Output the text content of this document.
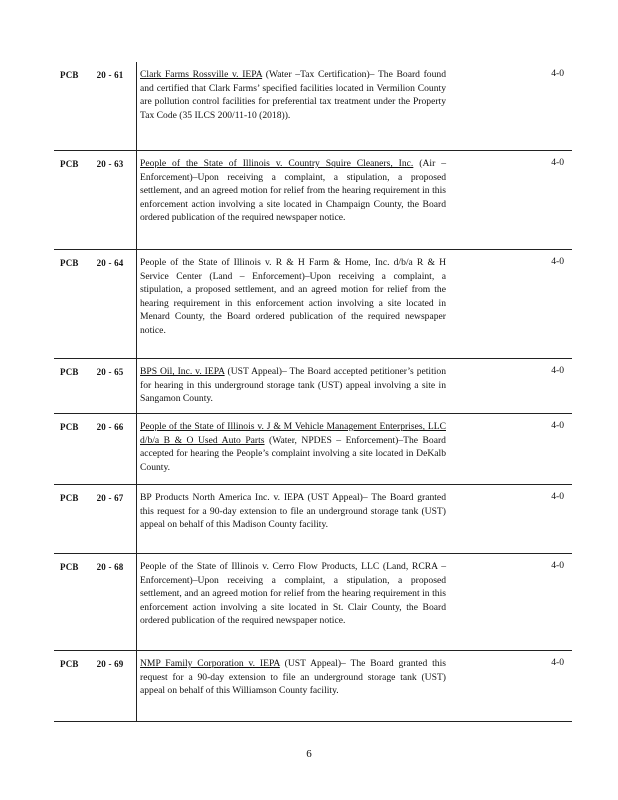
PCB 20 - 61 Clark Farms Rossville v. IEPA (Water –Tax Certification)– The Board found and certified that Clark Farms’ specified facilities located in Vermilion County are pollution control facilities for preferential tax treatment under the Property Tax Code (35 ILCS 200/11-10 (2018)).
4-0
PCB 20 - 63 People of the State of Illinois v. Country Squire Cleaners, Inc. (Air –Enforcement)–Upon receiving a complaint, a stipulation, a proposed settlement, and an agreed motion for relief from the hearing requirement in this enforcement action involving a site located in Champaign County, the Board ordered publication of the required newspaper notice.
4-0
PCB 20 - 64 People of the State of Illinois v. R & H Farm & Home, Inc. d/b/a R & H Service Center (Land – Enforcement)–Upon receiving a complaint, a stipulation, a proposed settlement, and an agreed motion for relief from the hearing requirement in this enforcement action involving a site located in Menard County, the Board ordered publication of the required newspaper notice.
4-0
PCB 20 - 65 BPS Oil, Inc. v. IEPA (UST Appeal)– The Board accepted petitioner’s petition for hearing in this underground storage tank (UST) appeal involving a site in Sangamon County.
4-0
PCB 20 - 66 People of the State of Illinois v. J & M Vehicle Management Enterprises, LLC d/b/a B & O Used Auto Parts (Water, NPDES – Enforcement)–The Board accepted for hearing the People’s complaint involving a site located in DeKalb County.
4-0
PCB 20 - 67 BP Products North America Inc. v. IEPA (UST Appeal)– The Board granted this request for a 90-day extension to file an underground storage tank (UST) appeal on behalf of this Madison County facility.
4-0
PCB 20 - 68 People of the State of Illinois v. Cerro Flow Products, LLC (Land, RCRA –Enforcement)–Upon receiving a complaint, a stipulation, a proposed settlement, and an agreed motion for relief from the hearing requirement in this enforcement action involving a site located in St. Clair County, the Board ordered publication of the required newspaper notice.
4-0
PCB 20 - 69 NMP Family Corporation v. IEPA (UST Appeal)– The Board granted this request for a 90-day extension to file an underground storage tank (UST) appeal on behalf of this Williamson County facility.
4-0
6
